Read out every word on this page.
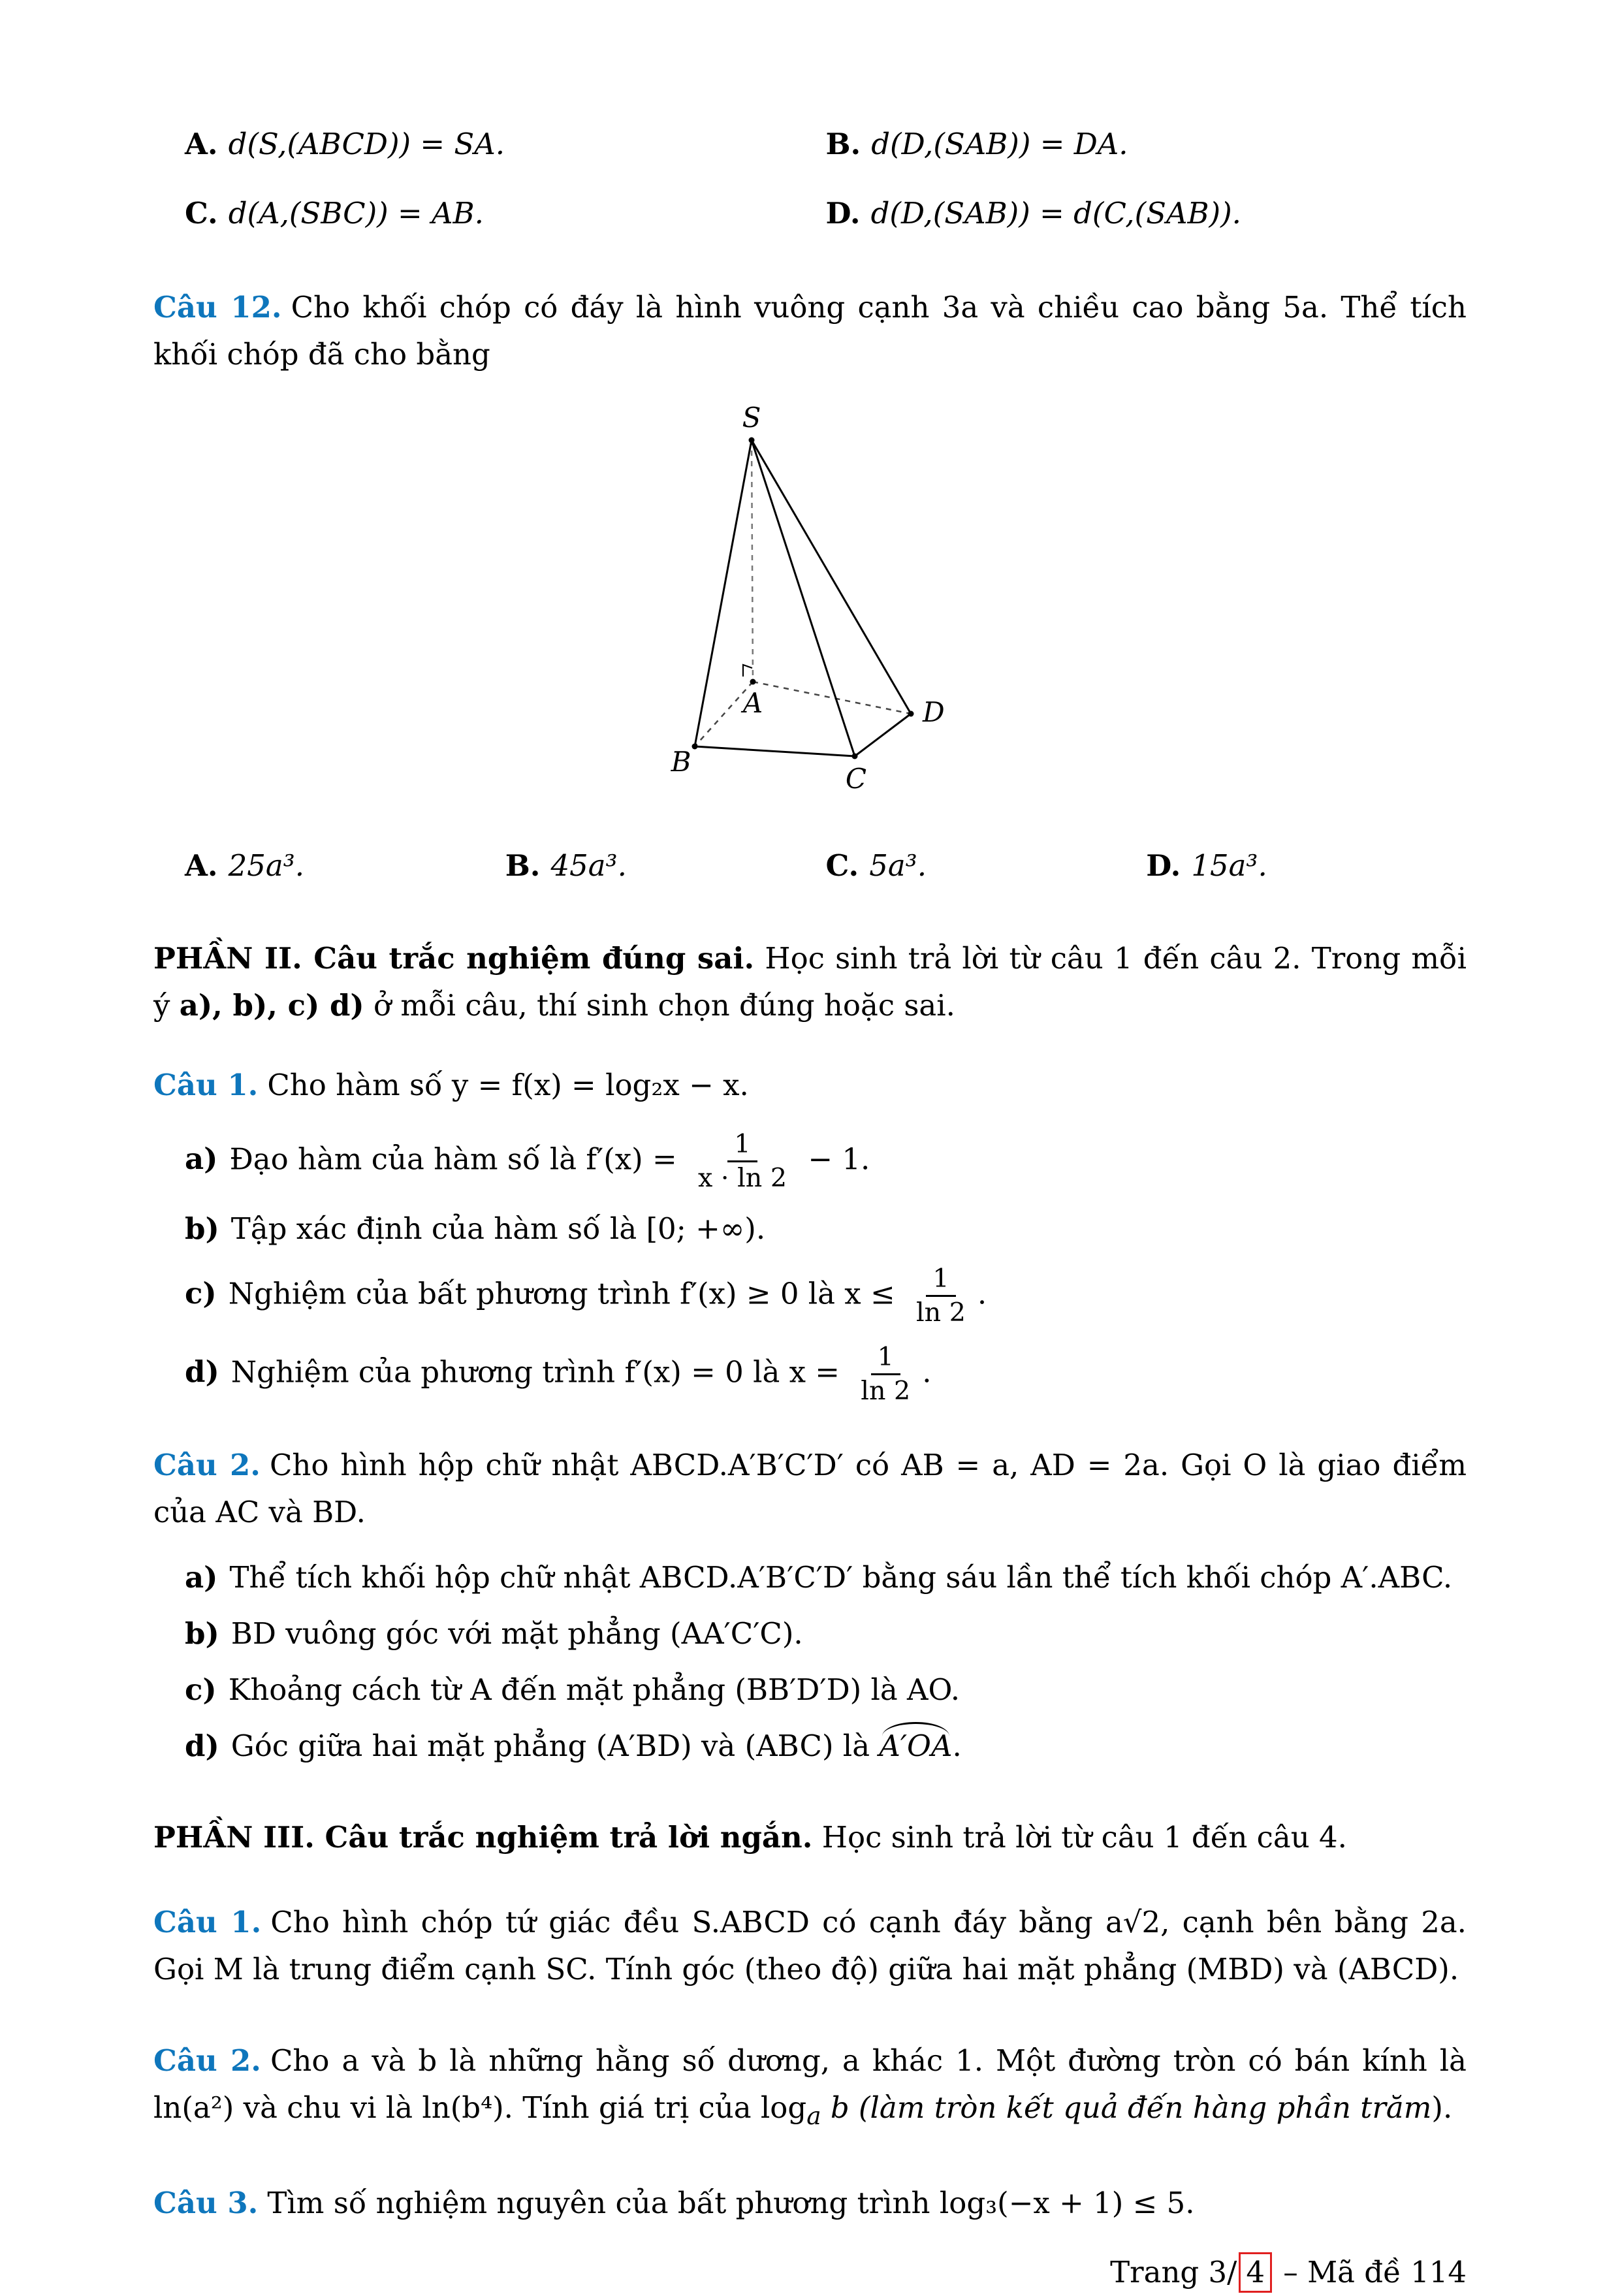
A. d(S,(ABCD)) = SA.	B. d(D,(SAB)) = DA.
C. d(A,(SBC)) = AB.	D. d(D,(SAB)) = d(C,(SAB)).

Câu 12. Cho khối chóp có đáy là hình vuông cạnh 3a và chiều cao bằng 5a. Thể tích khối chóp đã cho bằng

S
A
B
C
D
A. 25a³.	B. 45a³.	C. 5a³.	D. 15a³.

PHẦN II. Câu trắc nghiệm đúng sai. Học sinh trả lời từ câu 1 đến câu 2. Trong mỗi ý a), b), c) d) ở mỗi câu, thí sinh chọn đúng hoặc sai.

Câu 1. Cho hàm số y = f(x) = log₂x − x.

a) Đạo hàm của hàm số là $f'(x) = \frac{1}{x \cdot \ln 2} - 1$.
b) Tập xác định của hàm số là [0; +∞).
c) Nghiệm của bất phương trình f′(x) ≥ 0 là $x \le \frac{1}{\ln 2}$ .
d) Nghiệm của phương trình f′(x) = 0 là $x = \frac{1}{\ln 2}$ .

Câu 2. Cho hình hộp chữ nhật ABCD.A′B′C′D′ có AB = a, AD = 2a. Gọi O là giao điểm của AC và BD.

a) Thể tích khối hộp chữ nhật ABCD.A′B′C′D′ bằng sáu lần thể tích khối chóp A′.ABC.
b) BD vuông góc với mặt phẳng (AA′C′C).
c) Khoảng cách từ A đến mặt phẳng (BB′D′D) là AO.
d) Góc giữa hai mặt phẳng (A′BD) và (ABC) là A′OA.

PHẦN III. Câu trắc nghiệm trả lời ngắn. Học sinh trả lời từ câu 1 đến câu 4.

Câu 1. Cho hình chóp tứ giác đều S.ABCD có cạnh đáy bằng a√2, cạnh bên bằng 2a. Gọi M là trung điểm cạnh SC. Tính góc (theo độ) giữa hai mặt phẳng (MBD) và (ABCD).

Câu 2. Cho a và b là những hằng số dương, a khác 1. Một đường tròn có bán kính là ln(a²) và chu vi là ln(b⁴). Tính giá trị của $\log_a b$ (làm tròn kết quả đến hàng phần trăm).

Câu 3. Tìm số nghiệm nguyên của bất phương trình log₃(−x + 1) ≤ 5.

Trang 3/ 4 – Mã đề 114
